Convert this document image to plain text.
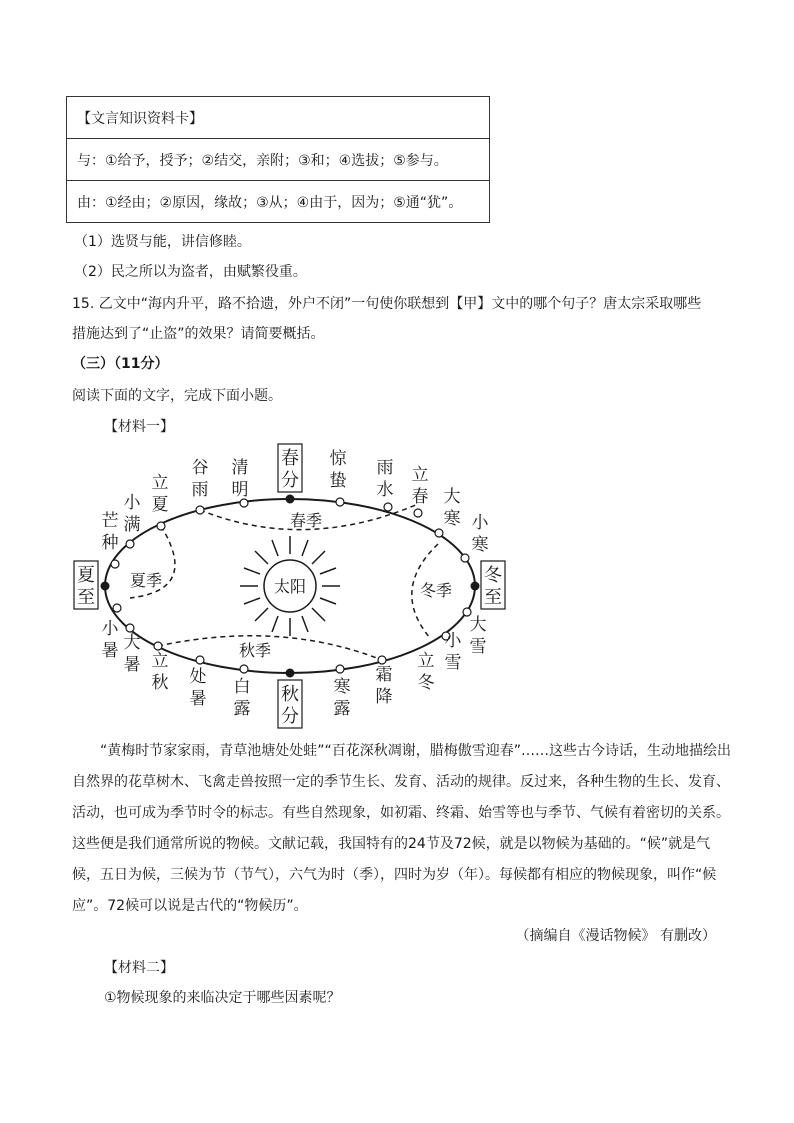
【文言知识资料卡】
与：①给予，授予；②结交，亲附；③和；④选拔；⑤参与。
由：①经由；②原因，缘故；③从；④由于，因为；⑤通“犹”。
（1）选贤与能，讲信修睦。
（2）民之所以为盗者，由赋繁役重。
15. 乙文中“海内升平，路不拾遗，外户不闭”一句使你联想到【甲】文中的哪个句子？唐太宗采取哪些
措施达到了“止盗”的效果？请简要概括。
（三）（11分）
阅读下面的文字，完成下面小题。
【材料一】
太阳
春季
夏季
秋季
冬季
春
分
秋
分
夏
至
冬
至
惊
蛰
雨
水
立
春
清
明
谷
雨
立
夏
小
满
芒
种
大
寒 小
寒
小
暑 大
暑 立
秋 处
暑
白
露
寒
露
霜
降
立
冬
小
雪
大
雪

“黄梅时节家家雨，青草池塘处处蛙”“百花深秋凋谢，腊梅傲雪迎春”……这些古今诗话，生动地描绘出自然界的花草树木、飞禽走兽按照一定的季节生长、发育、活动的规律。反过来，各种生物的生长、发育、活动，也可成为季节时令的标志。有些自然现象，如初霜、终霜、始雪等也与季节、气候有着密切的关系。这些便是我们通常所说的物候。文献记载，我国特有的24节及72候，就是以物候为基础的。“候”就是气候，五日为候，三候为节（节气），六气为时（季），四时为岁（年）。每候都有相应的物候现象，叫作“候应”。72候可以说是古代的“物候历”。

（摘编自《漫话物候》 有删改）
【材料二】
①物候现象的来临决定于哪些因素呢？
